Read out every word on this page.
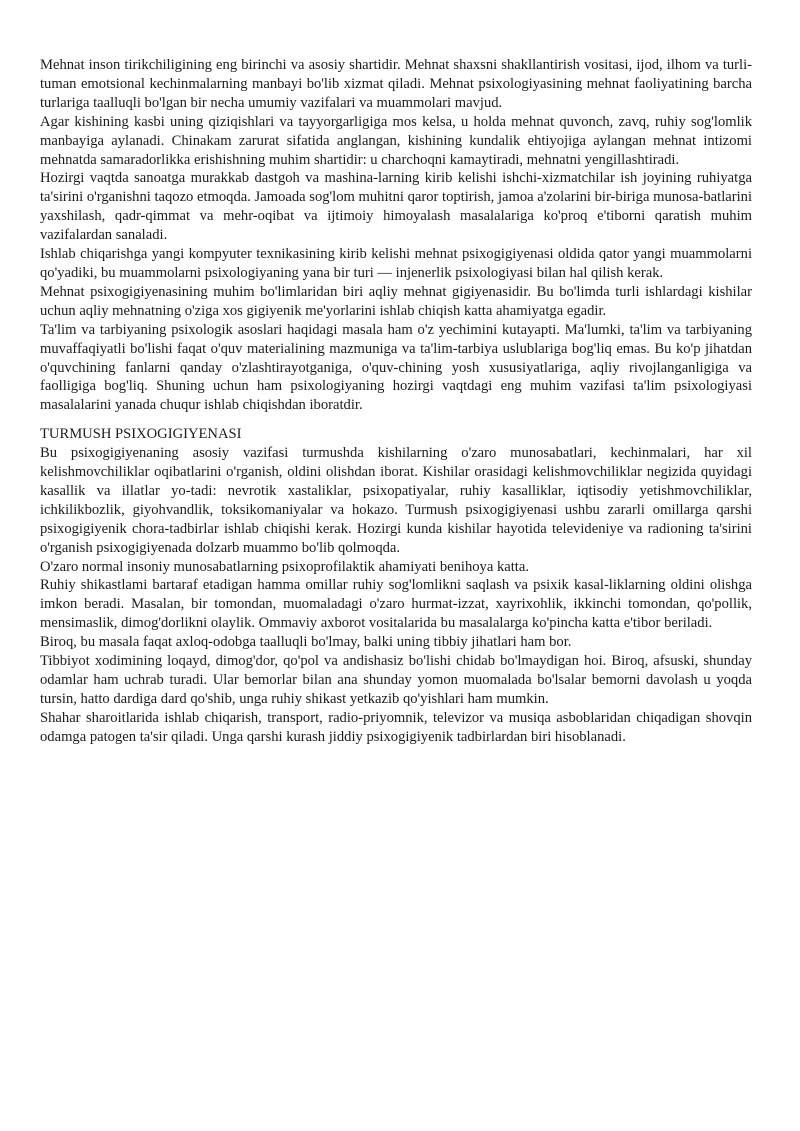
Mehnat inson tirikchiligining eng birinchi va asosiy shartidir. Mehnat shaxsni shakllantirish vositasi, ijod, ilhom va turli-tuman emotsional kechinmalarning manbayi bo'lib xizmat qiladi. Mehnat psixologiyasining mehnat faoliyatining barcha turlariga taalluqli bo'lgan bir necha umumiy vazifalari va muammolari mavjud.

Agar kishining kasbi uning qiziqishlari va tayyorgarligiga mos kelsa, u holda mehnat quvonch, zavq, ruhiy sog'lomlik manbayiga aylanadi. Chinakam zarurat sifatida anglangan, kishining kundalik ehtiyojiga aylangan mehnat intizomi mehnatda samaradorlikka erishishning muhim shartidir: u charchoqni kamaytiradi, mehnatni yengillashtiradi.

Hozirgi vaqtda sanoatga murakkab dastgoh va mashina-larning kirib kelishi ishchi-xizmatchilar ish joyining ruhiyatga ta'sirini o'rganishni taqozo etmoqda. Jamoada sog'lom muhitni qaror toptirish, jamoa a'zolarini bir-biriga munosa-batlarini yaxshilash, qadr-qimmat va mehr-oqibat va ijtimoiy himoyalash masalalariga ko'proq e'tiborni qaratish muhim vazifalardan sanaladi.

Ishlab chiqarishga yangi kompyuter texnikasining kirib kelishi mehnat psixogigiyenasi oldida qator yangi muammolarni qo'yadiki, bu muammolarni psixologiyaning yana bir turi — injenerlik psixologiyasi bilan hal qilish kerak.

Mehnat psixogigiyenasining muhim bo'limlaridan biri aqliy mehnat gigiyenasidir. Bu bo'limda turli ishlardagi kishilar uchun aqliy mehnatning o'ziga xos gigiyenik me'yorlarini ishlab chiqish katta ahamiyatga egadir.

Ta'lim va tarbiyaning psixologik asoslari haqidagi masala ham o'z yechimini kutayapti. Ma'lumki, ta'lim va tarbiyaning muvaffaqiyatli bo'lishi faqat o'quv materialining mazmuniga va ta'lim-tarbiya uslublariga bog'liq emas. Bu ko'p jihatdan o'quvchining fanlarni qanday o'zlashtirayotganiga, o'quv-chining yosh xususiyatlariga, aqliy rivojlanganligiga va faolligiga bog'liq. Shuning uchun ham psixologiyaning hozirgi vaqtdagi eng muhim vazifasi ta'lim psixologiyasi masalalarini yanada chuqur ishlab chiqishdan iboratdir.

TURMUSH PSIXOGIGIYENASI

Bu psixogigiyenaning asosiy vazifasi turmushda kishilarning o'zaro munosabatlari, kechinmalari, har xil kelishmovchiliklar oqibatlarini o'rganish, oldini olishdan iborat. Kishilar orasidagi kelishmovchiliklar negizida quyidagi kasallik va illatlar yo-tadi: nevrotik xastaliklar, psixopatiyalar, ruhiy kasalliklar, iqtisodiy yetishmovchiliklar, ichkilikbozlik, giyohvandlik, toksikomaniyalar va hokazo. Turmush psixogigiyenasi ushbu zararli omillarga qarshi psixogigiyenik chora-tadbirlar ishlab chiqishi kerak. Hozirgi kunda kishilar hayotida televideniye va radioning ta'sirini o'rganish psixogigiyenada dolzarb muammo bo'lib qolmoqda.

O'zaro normal insoniy munosabatlarning psixoprofilaktik ahamiyati benihoya katta.

Ruhiy shikastlami bartaraf etadigan hamma omillar ruhiy sog'lomlikni saqlash va psixik kasal-liklarning oldini olishga imkon beradi. Masalan, bir tomondan, muomaladagi o'zaro hurmat-izzat, xayrixohlik, ikkinchi tomondan, qo'pollik, mensimaslik, dimog'dorlikni olaylik. Ommaviy axborot vositalarida bu masalalarga ko'pincha katta e'tibor beriladi.

Biroq, bu masala faqat axloq-odobga taalluqli bo'lmay, balki uning tibbiy jihatlari ham bor.

Tibbiyot xodimining loqayd, dimog'dor, qo'pol va andishasiz bo'lishi chidab bo'lmaydigan hoi. Biroq, afsuski, shunday odamlar ham uchrab turadi. Ular bemorlar bilan ana shunday yomon muomalada bo'lsalar bemorni davolash u yoqda tursin, hatto dardiga dard qo'shib, unga ruhiy shikast yetkazib qo'yishlari ham mumkin.

Shahar sharoitlarida ishlab chiqarish, transport, radio-priyomnik, televizor va musiqa asboblaridan chiqadigan shovqin odamga patogen ta'sir qiladi. Unga qarshi kurash jiddiy psixogigiyenik tadbirlardan biri hisoblanadi.
